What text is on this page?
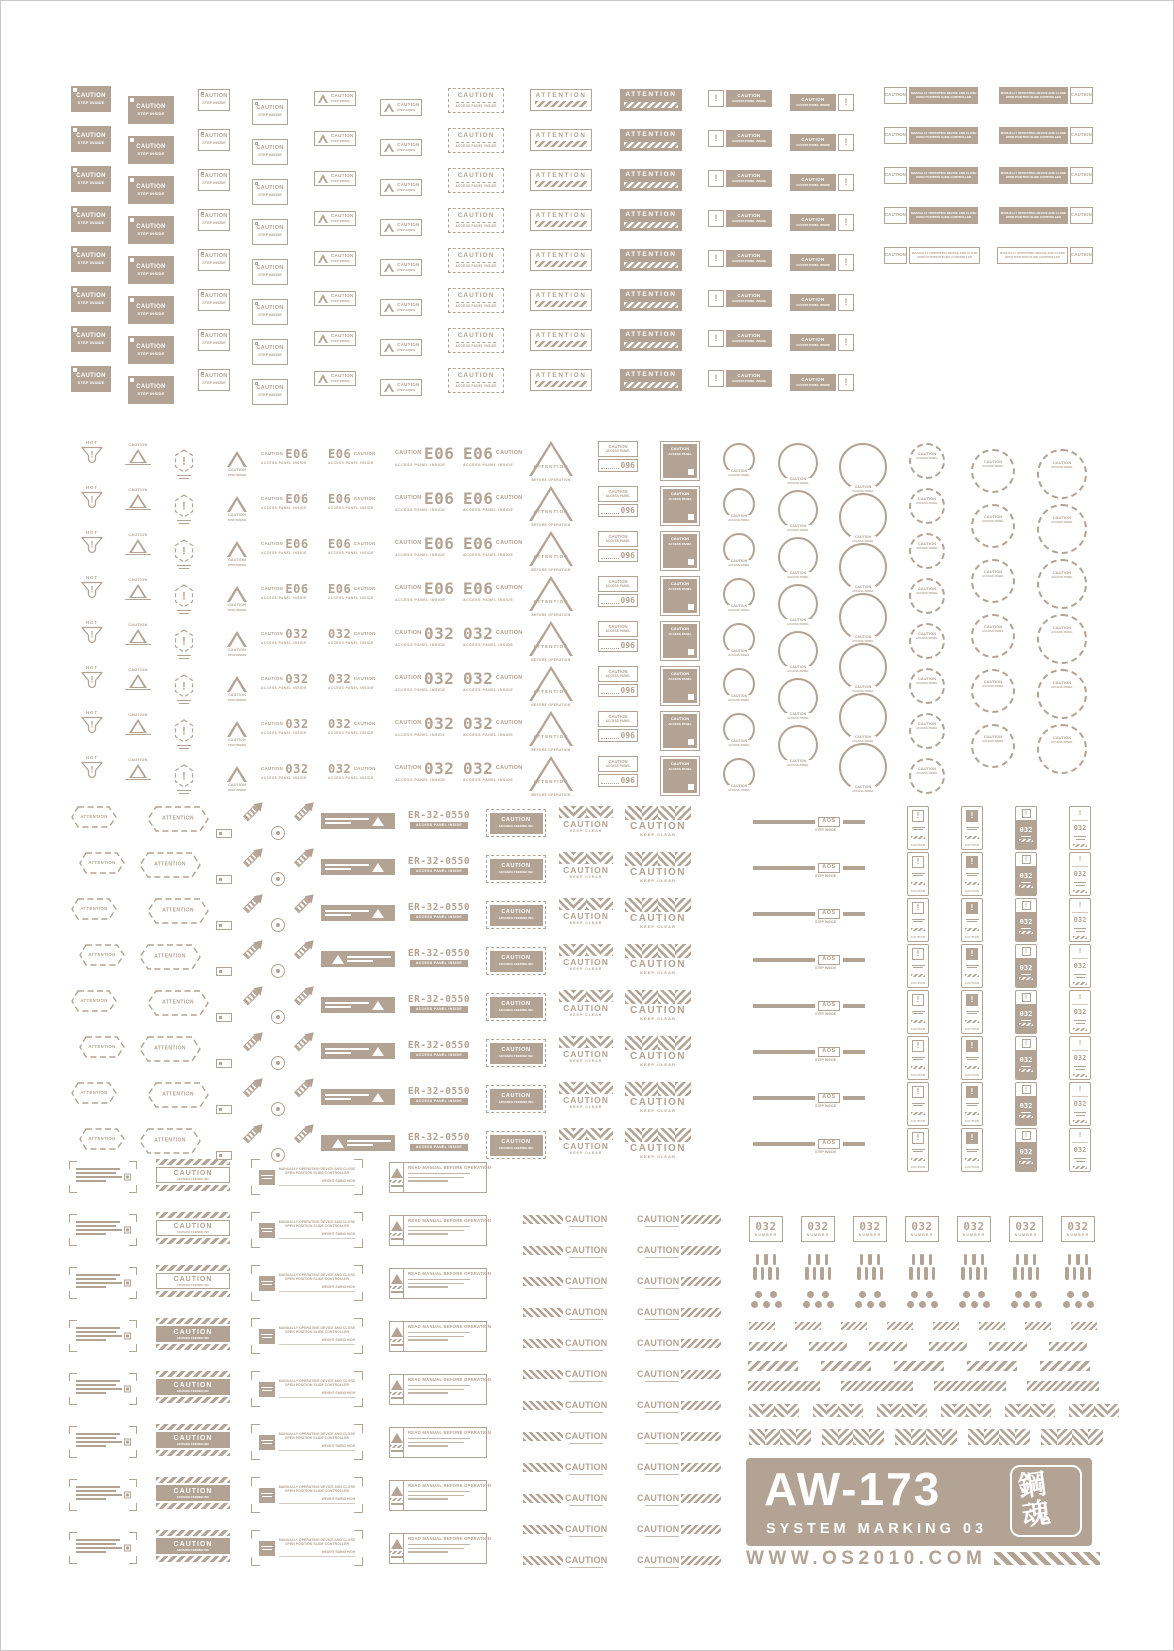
AW-173
SYSTEM MARKING 03
鋼魂
WWW.OS2010.COM
CAUTION
STEP INSIDE
CAUTION
STEP INSIDE
CAUTION
STEP INSIDE
CAUTION
STEP INSIDE
CAUTION
STEP INSIDE
CAUTION
STEP INSIDE
CAUTION
STEP INSIDE
CAUTION
STEP INSIDE
CAUTION
STEP INSIDE
CAUTION
STEP INSIDE
CAUTION
STEP INSIDE
CAUTION
STEP INSIDE
CAUTION
STEP INSIDE
CAUTION
STEP INSIDE
CAUTION
STEP INSIDE
CAUTION
STEP INSIDE
CAUTION
STEP INSIDE
CAUTION
STEP INSIDE
CAUTION
STEP INSIDE
CAUTION
STEP INSIDE
CAUTION
STEP INSIDE
CAUTION
STEP INSIDE
CAUTION
STEP INSIDE
CAUTION
STEP INSIDE
CAUTION
STEP INSIDE
CAUTION
STEP INSIDE
CAUTION
STEP INSIDE
CAUTION
STEP INSIDE
CAUTION
STEP INSIDE
CAUTION
STEP INSIDE
CAUTION
STEP INSIDE
CAUTION
STEP INSIDE
CAUTION
STEP INSIDE
CAUTION
STEP INSIDE
CAUTION
STEP INSIDE
CAUTION
STEP INSIDE
CAUTION
STEP INSIDE
CAUTION
STEP INSIDE
CAUTION
STEP INSIDE
CAUTION
STEP INSIDE
CAUTION
STEP INSIDE
CAUTION
STEP INSIDE
CAUTION
STEP INSIDE
CAUTION
STEP INSIDE
CAUTION
STEP INSIDE
CAUTION
STEP INSIDE
CAUTION
STEP INSIDE
CAUTION
STEP INSIDE
CAUTION
ACCESS PANEL INSIDE
CAUTION
ACCESS PANEL INSIDE
CAUTION
ACCESS PANEL INSIDE
CAUTION
ACCESS PANEL INSIDE
CAUTION
ACCESS PANEL INSIDE
CAUTION
ACCESS PANEL INSIDE
CAUTION
ACCESS PANEL INSIDE
CAUTION
ACCESS PANEL INSIDE
ATTENTION
ATTENTION
ATTENTION
ATTENTION
ATTENTION
ATTENTION
ATTENTION
ATTENTION
ATTENTION
ATTENTION
ATTENTION
ATTENTION
ATTENTION
ATTENTION
ATTENTION
ATTENTION
!	CAUTION
ACCESS PANEL INSIDE
!	CAUTION
ACCESS PANEL INSIDE
!	CAUTION
ACCESS PANEL INSIDE
!	CAUTION
ACCESS PANEL INSIDE
!	CAUTION
ACCESS PANEL INSIDE
!	CAUTION
ACCESS PANEL INSIDE
!	CAUTION
ACCESS PANEL INSIDE
!	CAUTION
ACCESS PANEL INSIDE
!
CAUTION
ACCESS PANEL INSIDE
!
CAUTION
ACCESS PANEL INSIDE
!
CAUTION
ACCESS PANEL INSIDE
!
CAUTION
ACCESS PANEL INSIDE
!
CAUTION
ACCESS PANEL INSIDE
!
CAUTION
ACCESS PANEL INSIDE
!
CAUTION
ACCESS PANEL INSIDE
!
CAUTION
ACCESS PANEL INSIDE
CAUTION MANUALLY OPERATING DEVICE AND CLOSE
OPEN POSITION SLIDE CONTROLLER
CAUTION MANUALLY OPERATING DEVICE AND CLOSE
OPEN POSITION SLIDE CONTROLLER
CAUTION MANUALLY OPERATING DEVICE AND CLOSE
OPEN POSITION SLIDE CONTROLLER
CAUTION MANUALLY OPERATING DEVICE AND CLOSE
OPEN POSITION SLIDE CONTROLLER
CAUTION MANUALLY OPERATING DEVICE AND CLOSE
OPEN POSITION SLIDE CONTROLLER
CAUTION
MANUALLY OPERATING DEVICE AND CLOSE
OPEN POSITION SLIDE CONTROLLER
CAUTION
MANUALLY OPERATING DEVICE AND CLOSE
OPEN POSITION SLIDE CONTROLLER
CAUTION
MANUALLY OPERATING DEVICE AND CLOSE
OPEN POSITION SLIDE CONTROLLER
CAUTION
MANUALLY OPERATING DEVICE AND CLOSE
OPEN POSITION SLIDE CONTROLLER
CAUTION
MANUALLY OPERATING DEVICE AND CLOSE
OPEN POSITION SLIDE CONTROLLER
HOT
!
HOT
!
HOT
!
HOT
!
HOT
!
HOT
!
HOT
!
HOT
!
CAUTION
CAUTION
CAUTION
CAUTION
CAUTION
CAUTION
CAUTION
CAUTION
!
!
!
!
!
!
!
!
CAUTION
STEP INSIDE
CAUTION
STEP INSIDE
CAUTION
STEP INSIDE
CAUTION
STEP INSIDE
CAUTION
STEP INSIDE
CAUTION
STEP INSIDE
CAUTION
STEP INSIDE
CAUTION
STEP INSIDE
CAUTION E06
ACCESS PANEL INSIDE
CAUTION E06
ACCESS PANEL INSIDE
CAUTION E06
ACCESS PANEL INSIDE
CAUTION E06
ACCESS PANEL INSIDE
CAUTION 032
ACCESS PANEL INSIDE
CAUTION 032
ACCESS PANEL INSIDE
CAUTION 032
ACCESS PANEL INSIDE
CAUTION 032
ACCESS PANEL INSIDE
E06 CAUTION
ACCESS PANEL INSIDE
E06 CAUTION
ACCESS PANEL INSIDE
E06 CAUTION
ACCESS PANEL INSIDE
E06 CAUTION
ACCESS PANEL INSIDE
032 CAUTION
ACCESS PANEL INSIDE
032 CAUTION
ACCESS PANEL INSIDE
032 CAUTION
ACCESS PANEL INSIDE
032 CAUTION
ACCESS PANEL INSIDE
CAUTION E06
ACCESS PANEL INSIDE
CAUTION E06
ACCESS PANEL INSIDE
CAUTION E06
ACCESS PANEL INSIDE
CAUTION E06
ACCESS PANEL INSIDE
CAUTION 032
ACCESS PANEL INSIDE
CAUTION 032
ACCESS PANEL INSIDE
CAUTION 032
ACCESS PANEL INSIDE
CAUTION 032
ACCESS PANEL INSIDE
E06 CAUTION
ACCESS PANEL INSIDE
E06 CAUTION
ACCESS PANEL INSIDE
E06 CAUTION
ACCESS PANEL INSIDE
E06 CAUTION
ACCESS PANEL INSIDE
032 CAUTION
ACCESS PANEL INSIDE
032 CAUTION
ACCESS PANEL INSIDE
032 CAUTION
ACCESS PANEL INSIDE
032 CAUTION
ACCESS PANEL INSIDE
ATTENTION
BEFORE OPERATION
ATTENTION
BEFORE OPERATION
ATTENTION
BEFORE OPERATION
ATTENTION
BEFORE OPERATION
ATTENTION
BEFORE OPERATION
ATTENTION
BEFORE OPERATION
ATTENTION
BEFORE OPERATION
ATTENTION
BEFORE OPERATION
CAUTION
ACCESS PANEL
096
CAUTION
ACCESS PANEL
096
CAUTION
ACCESS PANEL
096
CAUTION
ACCESS PANEL
096
CAUTION
ACCESS PANEL
096
CAUTION
ACCESS PANEL
096
CAUTION
ACCESS PANEL
096
CAUTION
ACCESS PANEL
096
CAUTION
ACCESS PANEL
CAUTION
ACCESS PANEL
CAUTION
ACCESS PANEL
CAUTION
ACCESS PANEL
CAUTION
ACCESS PANEL
CAUTION
ACCESS PANEL
CAUTION
ACCESS PANEL
CAUTION
ACCESS PANEL
CAUTION
ACCESS PANEL
CAUTION
ACCESS PANEL
CAUTION
ACCESS PANEL
CAUTION
ACCESS PANEL
CAUTION
ACCESS PANEL
CAUTION
ACCESS PANEL
CAUTION
ACCESS PANEL
CAUTION
ACCESS PANEL
CAUTION
ACCESS PANEL
CAUTION
ACCESS PANEL
CAUTION
ACCESS PANEL
CAUTION
ACCESS PANEL
CAUTION
ACCESS PANEL
CAUTION
ACCESS PANEL
CAUTION
ACCESS PANEL
CAUTION
ACCESS PANEL
CAUTION
ACCESS PANEL
CAUTION
ACCESS PANEL
CAUTION
ACCESS PANEL
CAUTION
ACCESS PANEL
CAUTION
ACCESS PANEL
CAUTION
ACCESS PANEL
CAUTION
ACCESS PANEL
CAUTION
ACCESS PANEL
CAUTION
ACCESS PANEL
CAUTION
ACCESS PANEL
CAUTION
ACCESS PANEL
CAUTION
ACCESS PANEL
CAUTION
ACCESS PANEL
CAUTION
ACCESS PANEL
CAUTION
ACCESS PANEL
CAUTION
ACCESS PANEL
CAUTION
ACCESS PANEL
CAUTION
ACCESS PANEL
CAUTION
ACCESS PANEL
CAUTION
ACCESS PANEL
CAUTION
ACCESS PANEL
CAUTION
ACCESS PANEL
CAUTION
ACCESS PANEL
CAUTION
ACCESS PANEL
CAUTION
ACCESS PANEL
CAUTION
ACCESS PANEL
ATTENTION
ATTENTION
ATTENTION
ATTENTION
ATTENTION
ATTENTION
ATTENTION
ATTENTION
ATTENTION
ATTENTION
ATTENTION
ATTENTION
ATTENTION
ATTENTION
ATTENTION
ATTENTION
ER-32-0550
ACCESS PANEL INSIDE
ER-32-0550
ACCESS PANEL INSIDE
ER-32-0550
ACCESS PANEL INSIDE
ER-32-0550
ACCESS PANEL INSIDE
ER-32-0550
ACCESS PANEL INSIDE
ER-32-0550
ACCESS PANEL INSIDE
ER-32-0550
ACCESS PANEL INSIDE
ER-32-0550
ACCESS PANEL INSIDE
CAUTION
ADVANCE FEEDING INC
CAUTION
ADVANCE FEEDING INC
CAUTION
ADVANCE FEEDING INC
CAUTION
ADVANCE FEEDING INC
CAUTION
ADVANCE FEEDING INC
CAUTION
ADVANCE FEEDING INC
CAUTION
ADVANCE FEEDING INC
CAUTION
ADVANCE FEEDING INC
CAUTION
KEEP CLEAR
CAUTION
KEEP CLEAR
CAUTION
KEEP CLEAR
CAUTION
KEEP CLEAR
CAUTION
KEEP CLEAR
CAUTION
KEEP CLEAR
CAUTION
KEEP CLEAR
CAUTION
KEEP CLEAR
CAUTION
KEEP CLEAR
CAUTION
KEEP CLEAR
CAUTION
KEEP CLEAR
CAUTION
KEEP CLEAR
CAUTION
KEEP CLEAR
CAUTION
KEEP CLEAR
CAUTION
KEEP CLEAR
CAUTION
KEEP CLEAR
AOS
STEP INSIDE
AOS
STEP INSIDE
AOS
STEP INSIDE
AOS
STEP INSIDE
AOS
STEP INSIDE
AOS
STEP INSIDE
AOS
STEP INSIDE
AOS
STEP INSIDE
!
CAUTION
!
CAUTION
!
CAUTION
!
CAUTION
!
CAUTION
!
CAUTION
!
CAUTION
!
CAUTION
!
CAUTION
!
CAUTION
!
CAUTION
!
CAUTION
!
CAUTION
!
CAUTION
!
CAUTION
!
CAUTION
!
032
!
032
!
032
!
032
!
032
!
032
!
032
!
032
!
032
!
032
!
032
!
032
!
032
!
032
!
032
!
032
CAUTION
ADVANCE FEEDING INC
CAUTION
ADVANCE FEEDING INC
CAUTION
ADVANCE FEEDING INC
CAUTION
ADVANCE FEEDING INC
CAUTION
ADVANCE FEEDING INC
CAUTION
ADVANCE FEEDING INC
CAUTION
ADVANCE FEEDING INC
CAUTION
ADVANCE FEEDING INC
MANUALLY OPERATING DEVICE AND CLOSE
OPEN POSITION SLIDE CONTROLLER
WEIGHT SWING HIGH
MANUALLY OPERATING DEVICE AND CLOSE
OPEN POSITION SLIDE CONTROLLER
WEIGHT SWING HIGH
MANUALLY OPERATING DEVICE AND CLOSE
OPEN POSITION SLIDE CONTROLLER
WEIGHT SWING HIGH
MANUALLY OPERATING DEVICE AND CLOSE
OPEN POSITION SLIDE CONTROLLER
WEIGHT SWING HIGH
MANUALLY OPERATING DEVICE AND CLOSE
OPEN POSITION SLIDE CONTROLLER
WEIGHT SWING HIGH
MANUALLY OPERATING DEVICE AND CLOSE
OPEN POSITION SLIDE CONTROLLER
WEIGHT SWING HIGH
MANUALLY OPERATING DEVICE AND CLOSE
OPEN POSITION SLIDE CONTROLLER
WEIGHT SWING HIGH
MANUALLY OPERATING DEVICE AND CLOSE
OPEN POSITION SLIDE CONTROLLER
WEIGHT SWING HIGH
READ MANUAL BEFORE OPERATION
READ MANUAL BEFORE OPERATION
READ MANUAL BEFORE OPERATION
READ MANUAL BEFORE OPERATION
READ MANUAL BEFORE OPERATION
READ MANUAL BEFORE OPERATION
READ MANUAL BEFORE OPERATION
READ MANUAL BEFORE OPERATION
CAUTION
CAUTION
CAUTION
CAUTION
CAUTION
CAUTION
CAUTION
CAUTION
CAUTION
CAUTION
CAUTION
CAUTION
CAUTION
CAUTION
CAUTION
CAUTION
CAUTION
CAUTION
CAUTION
CAUTION
CAUTION
CAUTION
CAUTION
CAUTION
032
NUMBER
032
NUMBER
032
NUMBER
032
NUMBER
032
NUMBER
032
NUMBER
032
NUMBER
